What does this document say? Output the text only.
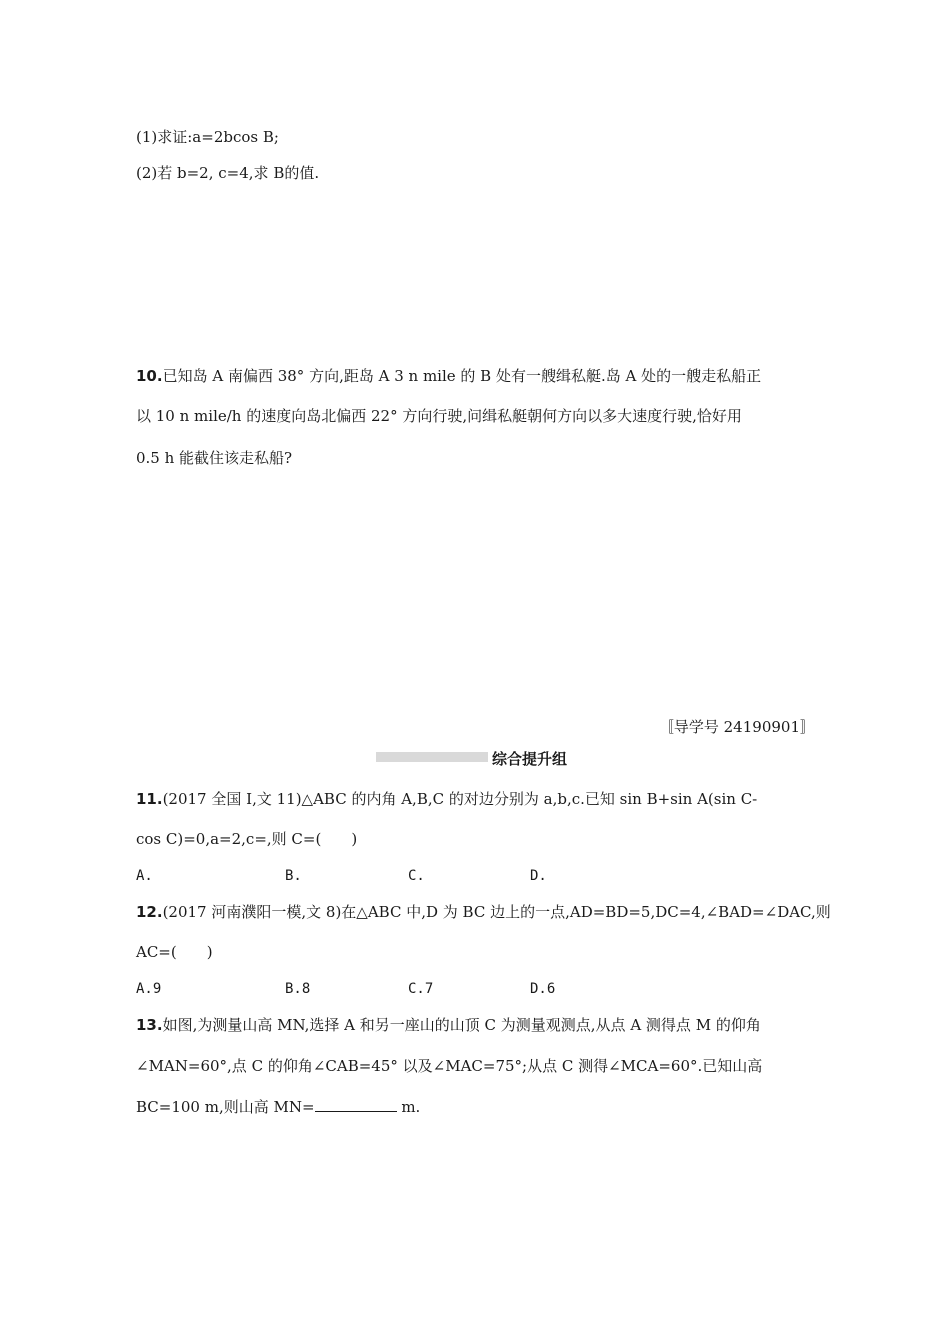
(1)求证:a=2bcos B;
(2)若 b=2, c=4,求 B的值.
10.已知岛 A 南偏西 38° 方向,距岛 A 3 n mile 的 B 处有一艘缉私艇.岛 A 处的一艘走私船正
以 10 n mile/h 的速度向岛北偏西 22° 方向行驶,问缉私艇朝何方向以多大速度行驶,恰好用
0.5 h 能截住该走私船?
〚导学号 24190901〛
综合提升组
11.(2017 全国 Ⅰ,文 11)△ABC 的内角 A,B,C 的对边分别为 a,b,c.已知 sin B+sin A(sin C-
cos C)=0,a=2,c=,则 C=(　　)
A.	B.	C.	D.
12.(2017 河南濮阳一模,文 8)在△ABC 中,D 为 BC 边上的一点,AD=BD=5,DC=4,∠BAD=∠DAC,则
AC=(　　)
A.9	B.8	C.7	D.6
13.如图,为测量山高 MN,选择 A 和另一座山的山顶 C 为测量观测点,从点 A 测得点 M 的仰角
∠MAN=60°,点 C 的仰角∠CAB=45° 以及∠MAC=75°;从点 C 测得∠MCA=60°.已知山高
BC=100 m,则山高 MN=	m.
